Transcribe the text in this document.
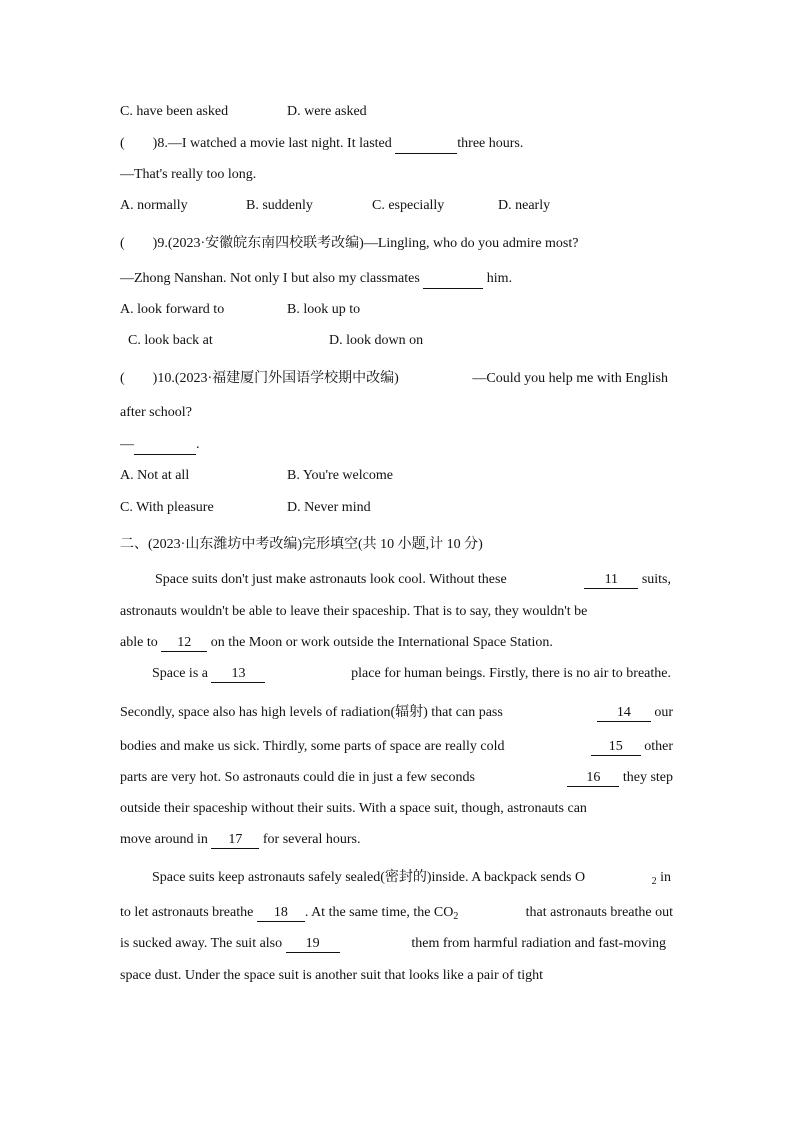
C. have been asked	D. were asked
(　　)8.—I watched a movie last night. It lasted	three hours.
—That's really too long.
A. normally	B. suddenly	C. especially	D. nearly
(　　)9.(2023·安徽皖东南四校联考改编)—Lingling, who do you admire most?
—Zhong Nanshan. Not only I but also my classmates	him.
A. look forward to	B. look up to
C. look back at	D. look down on
(　　)10.(2023·福建厦门外国语学校期中改编)	—Could you help me with English
after school?
—	.
A. Not at all	B. You're welcome
C. With pleasure	D. Never mind
二、(2023·山东潍坊中考改编)完形填空(共 10 小题,计 10 分)
Space suits don't just make astronauts look cool. Without these	11 suits,
astronauts wouldn't be able to leave their spaceship. That is to say, they wouldn't be
able to 12 on the Moon or work outside the International Space Station.
Space is a 13	place for human beings. Firstly, there is no air to breathe.
Secondly, space also has high levels of radiation(辐射) that can pass	14 our
bodies and make us sick. Thirdly, some parts of space are really cold	15 other
parts are very hot. So astronauts could die in just a few seconds	16 they step
outside their spaceship without their suits. With a space suit, though, astronauts can
move around in 17 for several hours.
Space suits keep astronauts safely sealed(密封的)inside. A backpack sends O	$_2$ in
to let astronauts breathe 18 . At the same time, the $CO_2$	that astronauts breathe out
is sucked away. The suit also 19	them from harmful radiation and fast-moving
space dust. Under the space suit is another suit that looks like a pair of tight
